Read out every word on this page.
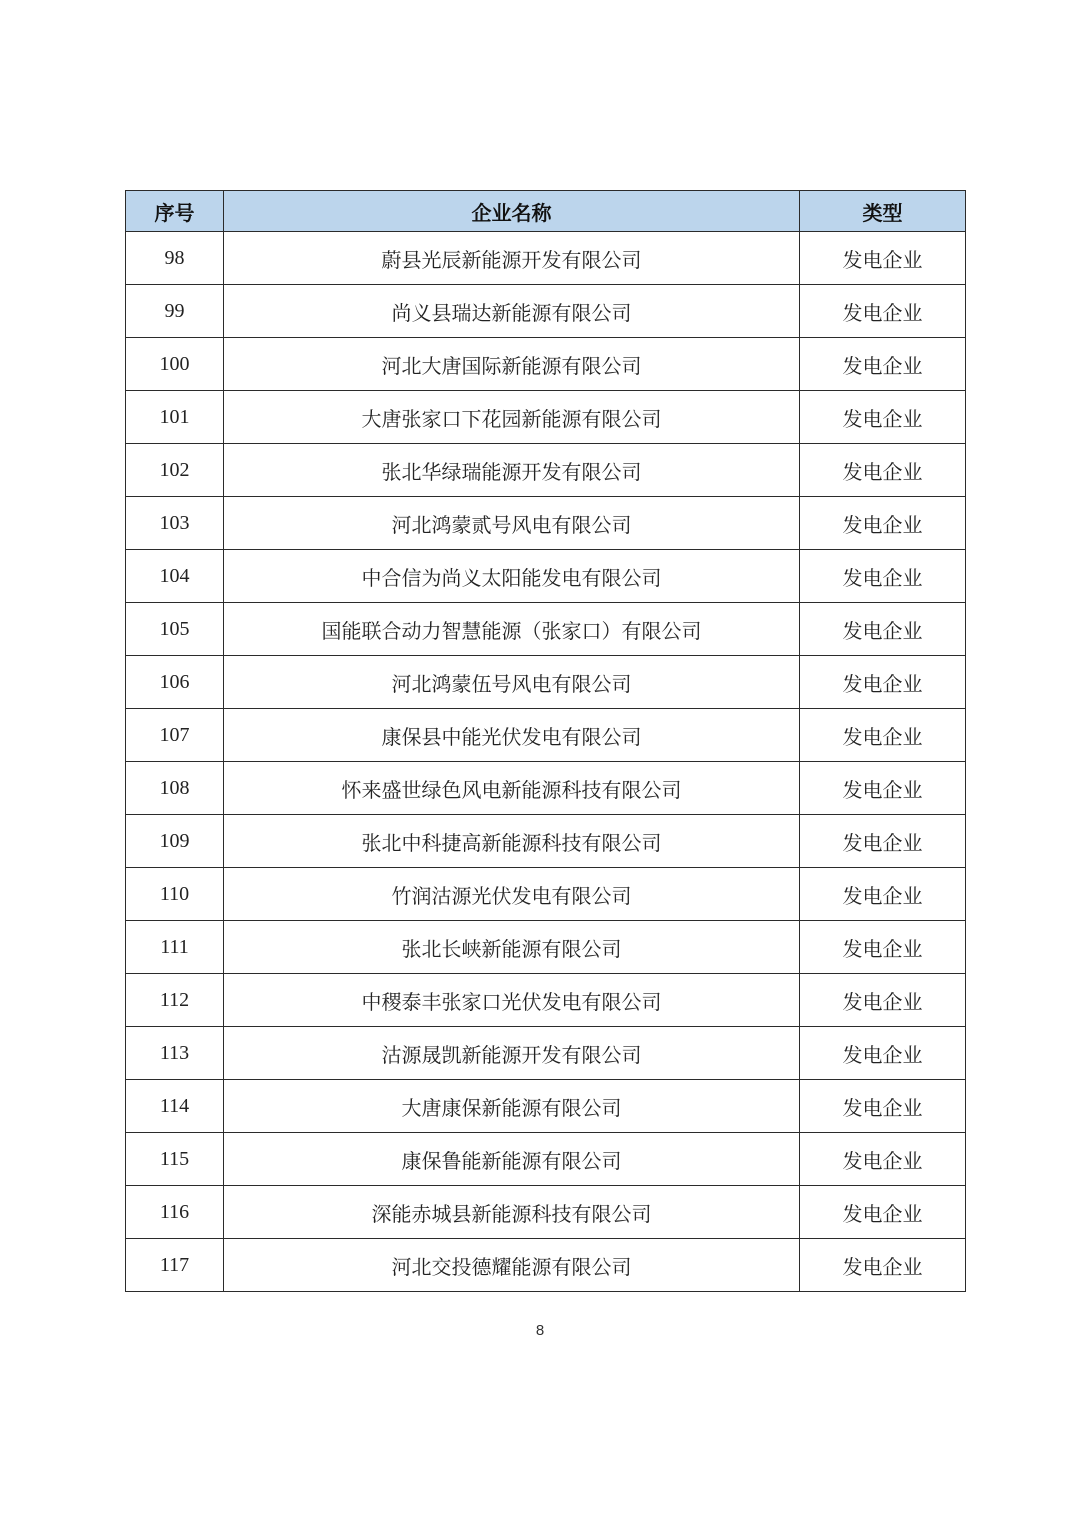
序号	企业名称	类型
98	蔚县光辰新能源开发有限公司	发电企业
99	尚义县瑞达新能源有限公司	发电企业
100	河北大唐国际新能源有限公司	发电企业
101	大唐张家口下花园新能源有限公司	发电企业
102	张北华绿瑞能源开发有限公司	发电企业
103	河北鸿蒙贰号风电有限公司	发电企业
104	中合信为尚义太阳能发电有限公司	发电企业
105	国能联合动力智慧能源（张家口）有限公司	发电企业
106	河北鸿蒙伍号风电有限公司	发电企业
107	康保县中能光伏发电有限公司	发电企业
108	怀来盛世绿色风电新能源科技有限公司	发电企业
109	张北中科捷高新能源科技有限公司	发电企业
110	竹润沽源光伏发电有限公司	发电企业
111	张北长峡新能源有限公司	发电企业
112	中稷泰丰张家口光伏发电有限公司	发电企业
113	沽源晟凯新能源开发有限公司	发电企业
114	大唐康保新能源有限公司	发电企业
115	康保鲁能新能源有限公司	发电企业
116	深能赤城县新能源科技有限公司	发电企业
117	河北交投德耀能源有限公司	发电企业
8
